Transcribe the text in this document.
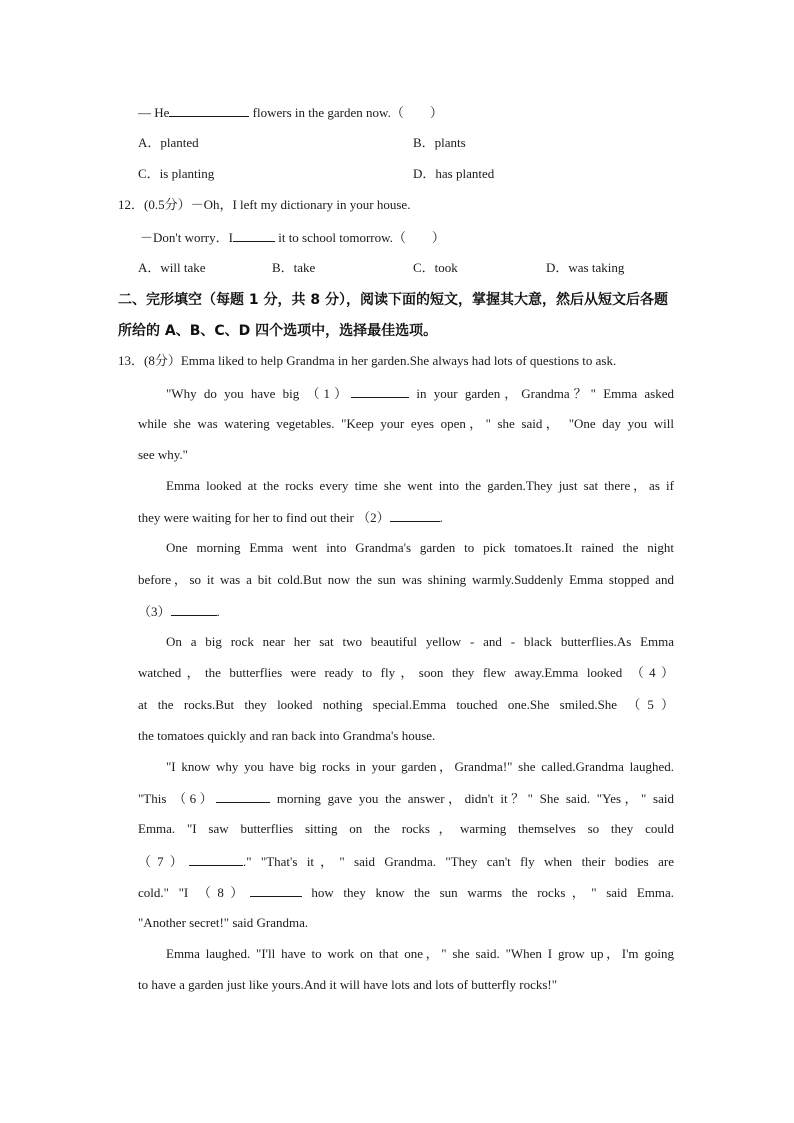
— He	flowers in the garden now.（　　）
A．planted	B．plants
C．is planting	D．has planted
12．(0.5分）－Oh，I left my dictionary in your house.
－Don't worry．I	it to school tomorrow.（　　）
A．will take	B．take	C．took	D．was taking
二、完形填空（每题 1 分，共 8 分），阅读下面的短文，掌握其大意，然后从短文后各题
所给的 A、B、C、D 四个选项中，选择最佳选项。
13．(8分）Emma liked to help Grandma in her garden.She always had lots of questions to ask.
"Why do you have big （1）	in your garden，Grandma？" Emma asked
while she was watering vegetables. "Keep your eyes open，" she said， "One day you will
see why."
Emma looked at the rocks every time she went into the garden.They just sat there，as if
they were waiting for her to find out their （2）	.
One morning Emma went into Grandma's garden to pick tomatoes.It rained the night
before，so it was a bit cold.But now the sun was shining warmly.Suddenly Emma stopped and
（3）	.
On a big rock near her sat two beautiful yellow - and - black butterflies.As Emma
watched，the butterflies were ready to fly，soon they flew away.Emma looked （4）
at the rocks.But they looked nothing special.Emma touched one.She smiled.She （5）
the tomatoes quickly and ran back into Grandma's house.
"I know why you have big rocks in your garden，Grandma!" she called.Grandma laughed.
"This （6）	morning gave you the answer，didn't it？" She said. "Yes，" said
Emma. "I saw butterflies sitting on the rocks，warming themselves so they could
（7）	." "That's it，" said Grandma. "They can't fly when their bodies are
cold." "I （8）	how they know the sun warms the rocks，" said Emma.
"Another secret!" said Grandma.
Emma laughed. "I'll have to work on that one，" she said. "When I grow up，I'm going
to have a garden just like yours.And it will have lots and lots of butterfly rocks!"
